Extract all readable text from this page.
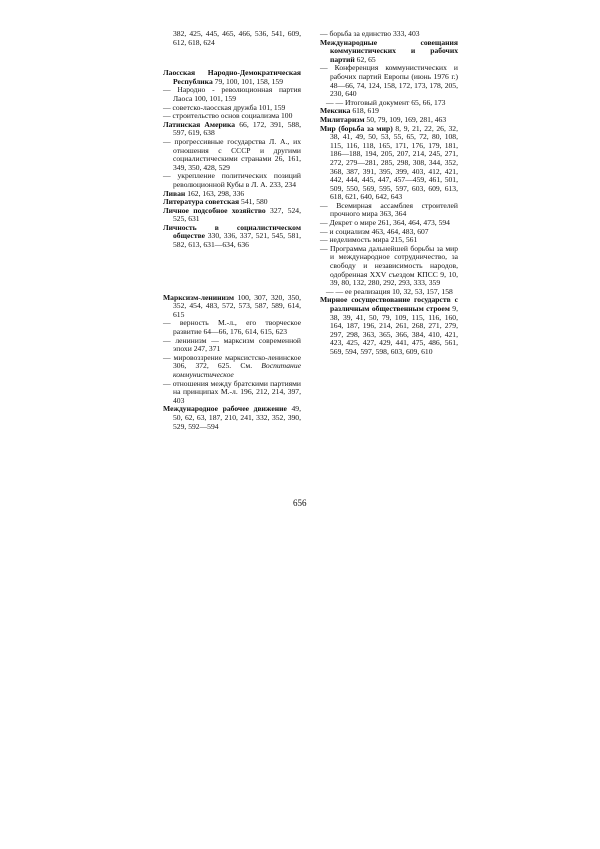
382, 425, 445, 465, 466, 536, 541, 609, 612, 618, 624

Лаосская Народно-Демократическая Республика 79, 100, 101, 158, 159

— Народно - революционная партия Лаоса 100, 101, 159

— советско-лаосская дружба 101, 159

— строительство основ социализма 100

Латинская Америка 66, 172, 391, 588, 597, 619, 638

— прогрессивные государства Л. А., их отношения с СССР и другими социалистическими странами 26, 161, 349, 350, 428, 529

— укрепление политических позиций революционной Кубы в Л. А. 233, 234

Ливан 162, 163, 298, 336

Литература советская 541, 580

Личное подсобное хозяйство 327, 524, 525, 631

Личность в социалистическом обществе 330, 336, 337, 521, 545, 581, 582, 613, 631—634, 636

Марксизм-ленинизм 100, 307, 320, 350, 352, 454, 483, 572, 573, 587, 589, 614, 615

— верность М.-л., его творческое развитие 64—66, 176, 614, 615, 623

— ленинизм — марксизм современной эпохи 247, 371

— мировоззрение марксистско-ленинское 306, 372, 625. См. Воспитание коммунистическое

— отношения между братскими партиями на принципах М.-л. 196, 212, 214, 397, 403

Международное рабочее движение 49, 50, 62, 63, 187, 210, 241, 332, 352, 390, 529, 592—594

— борьба за единство 333, 403

Международные совещания коммунистических и рабочих партий 62, 65

— Конференция коммунистических и рабочих партий Европы (июнь 1976 г.) 48—66, 74, 124, 158, 172, 173, 178, 205, 230, 640

— — Итоговый документ 65, 66, 173

Мексика 618, 619

Милитаризм 50, 79, 109, 169, 281, 463

Мир (борьба за мир) 8, 9, 21, 22, 26, 32, 38, 41, 49, 50, 53, 55, 65, 72, 80, 108, 115, 116, 118, 165, 171, 176, 179, 181, 186—188, 194, 205, 207, 214, 245, 271, 272, 279—281, 285, 298, 308, 344, 352, 368, 387, 391, 395, 399, 403, 412, 421, 442, 444, 445, 447, 457—459, 461, 501, 509, 550, 569, 595, 597, 603, 609, 613, 618, 621, 640, 642, 643

— Всемирная ассамблея строителей прочного мира 363, 364

— Декрет о мире 261, 364, 464, 473, 594

— и социализм 463, 464, 483, 607

— неделимость мира 215, 561

— Программа дальнейшей борьбы за мир и международное сотрудничество, за свободу и независимость народов, одобренная XXV съездом КПСС 9, 10, 39, 80, 132, 280, 292, 293, 333, 359

— — ее реализация 10, 32, 53, 157, 158

Мирное сосуществование государств с различным общественным строем 9, 38, 39, 41, 50, 79, 109, 115, 116, 160, 164, 187, 196, 214, 261, 268, 271, 279, 297, 298, 363, 365, 366, 384, 410, 421, 423, 425, 427, 429, 441, 475, 486, 561, 569, 594, 597, 598, 603, 609, 610

656
